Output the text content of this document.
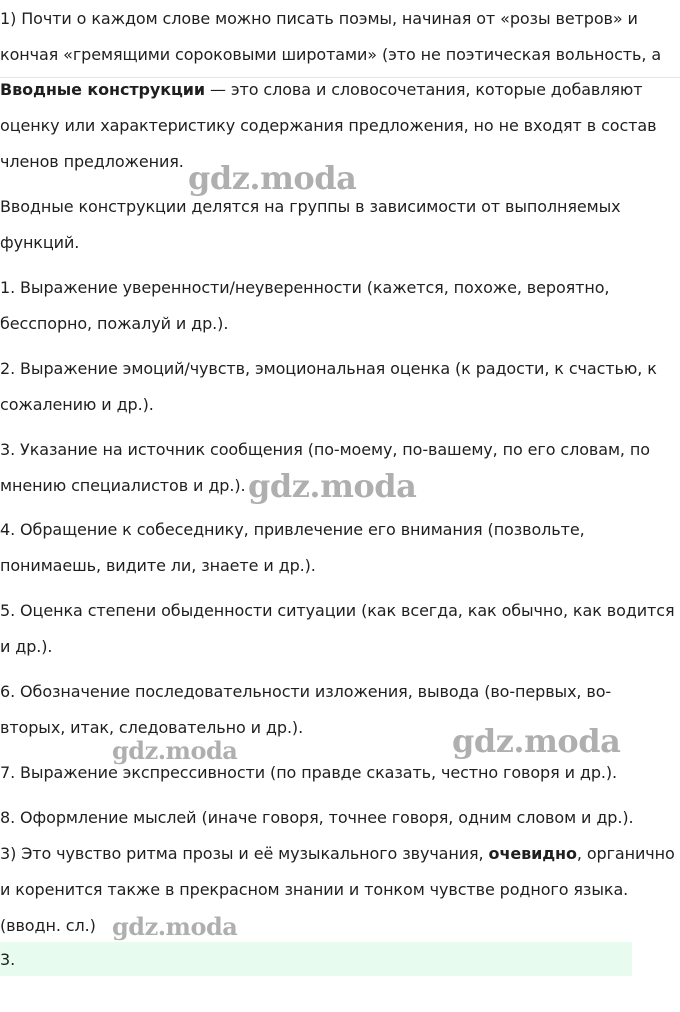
1) Почти о каждом слове можно писать поэмы, начиная от «розы ветров» и
кончая «гремящими сороковыми широтами» (это не поэтическая вольность, а
Вводные конструкции — это слова и словосочетания, которые добавляют
оценку или характеристику содержания предложения, но не входят в состав
членов предложения.
Вводные конструкции делятся на группы в зависимости от выполняемых
функций.
1. Выражение уверенности/неуверенности (кажется, похоже, вероятно,
бесспорно, пожалуй и др.).
2. Выражение эмоций/чувств, эмоциональная оценка (к радости, к счастью, к
сожалению и др.).
3. Указание на источник сообщения (по-моему, по-вашему, по его словам, по
мнению специалистов и др.).
4. Обращение к собеседнику, привлечение его внимания (позвольте,
понимаешь, видите ли, знаете и др.).
5. Оценка степени обыденности ситуации (как всегда, как обычно, как водится
и др.).
6. Обозначение последовательности изложения, вывода (во-первых, во-
вторых, итак, следовательно и др.).
7. Выражение экспрессивности (по правде сказать, честно говоря и др.).
8. Оформление мыслей (иначе говоря, точнее говоря, одним словом и др.).
3) Это чувство ритма прозы и её музыкального звучания, очевидно, органично
и коренится также в прекрасном знании и тонком чувстве родного языка.
(вводн. сл.)
3.
gdz.moda
gdz.moda
gdz.moda
gdz.moda
gdz.moda
